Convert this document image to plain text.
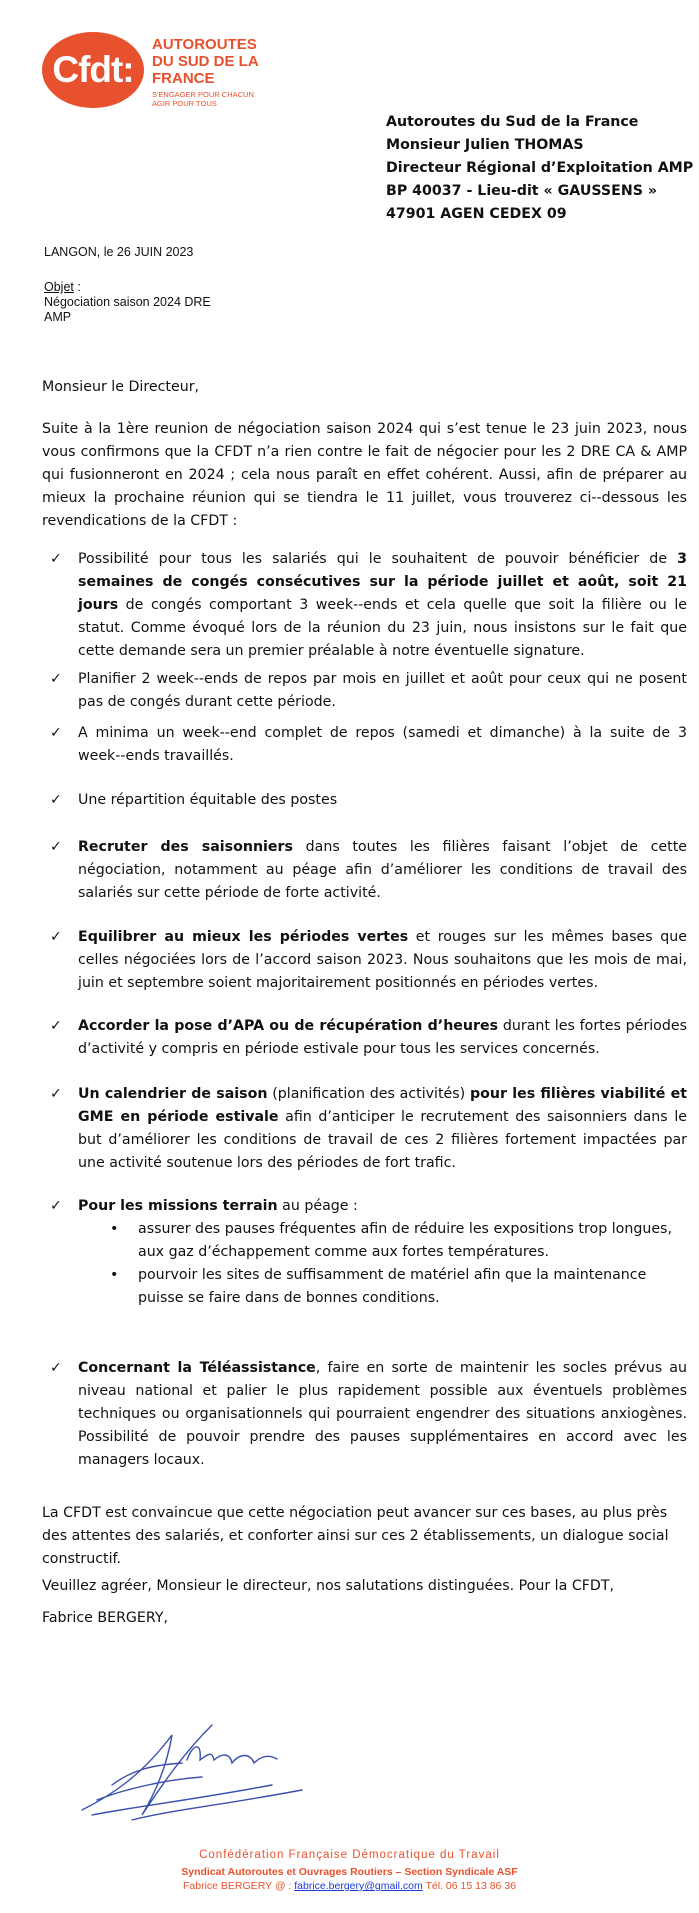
Cfdt:
AUTOROUTES
DU SUD DE LA FRANCE
S'ENGAGER POUR CHACUN
AGIR POUR TOUS
Autoroutes du Sud de la France
Monsieur Julien THOMAS
Directeur Régional d’Exploitation AMP
BP 40037 - Lieu-dit « GAUSSENS »
47901 AGEN CEDEX 09
LANGON, le 26 JUIN 2023
Objet :
Négociation saison 2024 DRE
AMP
Monsieur le Directeur,
Suite à la 1ère reunion de négociation saison 2024 qui s’est tenue le 23 juin 2023, nous vous confirmons que la CFDT n’a rien contre le fait de négocier pour les 2 DRE CA & AMP qui fusionneront en 2024 ; cela nous paraît en effet cohérent. Aussi, afin de préparer au mieux la prochaine réunion qui se tiendra le 11 juillet, vous trouverez ci--dessous les revendications de la CFDT :
✓ Possibilité pour tous les salariés qui le souhaitent de pouvoir bénéficier de 3 semaines de congés consécutives sur la période juillet et août, soit 21 jours de congés comportant 3 week--ends et cela quelle que soit la filière ou le statut. Comme évoqué lors de la réunion du 23 juin, nous insistons sur le fait que cette demande sera un premier préalable à notre éventuelle signature.
✓ Planifier 2 week--ends de repos par mois en juillet et août pour ceux qui ne posent pas de congés durant cette période.
✓ A minima un week--end complet de repos (samedi et dimanche) à la suite de 3 week--ends travaillés.
✓ Une répartition équitable des postes
✓ Recruter des saisonniers dans toutes les filières faisant l’objet de cette négociation, notamment au péage afin d’améliorer les conditions de travail des salariés sur cette période de forte activité.
✓ Equilibrer au mieux les périodes vertes et rouges sur les mêmes bases que celles négociées lors de l’accord saison 2023. Nous souhaitons que les mois de mai, juin et septembre soient majoritairement positionnés en périodes vertes.
✓ Accorder la pose d’APA ou de récupération d’heures durant les fortes périodes d’activité y compris en période estivale pour tous les services concernés.
✓ Un calendrier de saison (planification des activités) pour les filières viabilité et GME en période estivale afin d’anticiper le recrutement des saisonniers dans le but d’améliorer les conditions de travail de ces 2 filières fortement impactées par une activité soutenue lors des périodes de fort trafic.
✓ Pour les missions terrain au péage :
• assurer des pauses fréquentes afin de réduire les expositions trop longues, aux gaz d’échappement comme aux fortes températures.
• pourvoir les sites de suffisamment de matériel afin que la maintenance puisse se faire dans de bonnes conditions.
✓ Concernant la Téléassistance, faire en sorte de maintenir les socles prévus au niveau national et palier le plus rapidement possible aux éventuels problèmes techniques ou organisationnels qui pourraient engendrer des situations anxiogènes. Possibilité de pouvoir prendre des pauses supplémentaires en accord avec les managers locaux.
La CFDT est convaincue que cette négociation peut avancer sur ces bases, au plus près des attentes des salariés, et conforter ainsi sur ces 2 établissements, un dialogue social constructif.
Veuillez agréer, Monsieur le directeur, nos salutations distinguées. Pour la CFDT,
Fabrice BERGERY,
Confédération Française Démocratique du Travail
Syndicat Autoroutes et Ouvrages Routiers – Section Syndicale ASF
Fabrice BERGERY @ : fabrice.bergery@gmail.com Tél. 06 15 13 86 36
